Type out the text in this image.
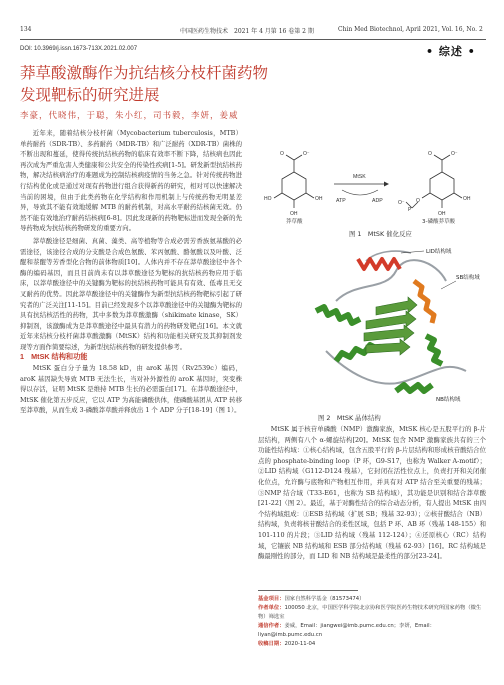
134	中国医药生物技术　2021 年 4 月第 16 卷第 2 期	Chin Med Biotechnol, April 2021, Vol. 16, No. 2
DOI: 10.3969/j.issn.1673-713X.2021.02.007	• 综述 •
莽草酸激酶作为抗结核分枝杆菌药物
发现靶标的研究进展
李豪，代晓伟，于聪，朱小红，司书毅，李妍，姜威

近年来，随着结核分枝杆菌（Mycobacterium tuberculosis，MTB）单药耐药（SDR-TB）、多药耐药（MDR-TB）和广泛耐药（XDR-TB）菌株的不断出现和蔓延，使得传统抗结核药物的临床有效率不断下降，结核病也因此再次成为严重危害人类健康和公共安全的传染性疾病[1-5]。研发新型抗结核药物，解决结核病治疗的难题成为控制结核病疫情的当务之急。针对传统药物进行结构优化或是通过对现有药物进行组合获得新药的研究，相对可以快速解决当前的困境，但由于此类药物在化学结构和作用机制上与传统药物无明显差异，导致其不能有效地缓解 MTB 的耐药机制，对高水平耐药结核菌无效。仍然不能有效地治疗耐药结核病[6-8]。因此发现新的药物靶标进而发现全新的先导药物成为抗结核药物研发的重要方向。

莽草酸途径是细菌、真菌、藻类、高等植物等合成必需芳香族氨基酸的必需途径，该途径合成的分支酸是合成色氨酸、苯丙氨酸、酪氨酸以及叶酸、泛醌和萘醌等芳香型化合物的前体物质[10]。人体内并不存在莽草酸途径中各个酶的编码基因，而且目前尚未有以莽草酸途径为靶标的抗结核药物应用于临床，以莽草酸途径中的关键酶为靶标的抗结核药物可能具有有效、低毒且无交叉耐药的优势。因此莽草酸途径中的关键酶作为新型抗结核药物靶标引起了研究者的广泛关注[11-15]。目前已经发现多个以莽草酸途径中的关键酶为靶标的具有抗结核活性的药物，其中多数为莽草酸激酶（shikimate kinase，SK）抑制剂，该激酶成为是莽草酸途径中最具有潜力的药物研发靶点[16]。本文就近年来结核分枝杆菌莽草酸激酶（MtSK）结构和功能相关研究及其抑制剂发现等方面作简要综述，为新型抗结核药物的研发提供参考。

1　MtSK 结构和功能

MtSK 蛋白分子量为 18.58 kD，由 aroK 基因（Rv2539c）编码，aroK 基因缺失导致 MTB 无法生长，当对补外源性的 aroK 基因时，突变株得以存活，证明 MtSK 是维持 MTB 生长的必需蛋白[17]。在莽草酸途径中，MtSK 催化第五步反应，它以 ATP 为高能磷酸供体，使磷酸基团从 ATP 转移至莽草酸，从而生成 3-磷酸莽草酸并释放出 1 个 ADP 分子[18-19]（图 1）。

O⁻
O
OH
OH
HO
莽草酸
MtSK
ATP	ADP
O⁻
O
OH
OH
O
P
O⁻
3-磷酸莽草酸
图 1　MtSK 催化反应
LID结构域
SB结构域
NB结构域
图 2　MtSK 晶体结构

MtSK 属于核苷单磷酸（NMP）激酶家族，MtSK 核心是五股平行的 β-片层结构，两侧有八个 α-螺旋结构[20]。MtSK 包含 NMP 激酶家族共有的三个功能性结构域：①核心结构域，包含五股平行的 β-片层结构和形成核苷酸结合位点的 phosphate-binding loop（P 环，G9-S17，也称为 Walker A-motif）；②LID 结构域（G112-D124 残基），它封闭在活性位点上，负责打开和关闭催化位点，允许酶与底物和产物相互作用，并具有对 ATP 结合至关重要的残基；③NMP 结合域（T33-E61，也称为 SB 结构域），其功能是识别和结合莽草酸[21-22]（图 2）。最近，基于对酶性结合的综合动态分析，有人提出 MtSK 由四个结构域组成：①ESB 结构域（扩展 SB；残基 32-93）；②核苷酸结合（NB）结构域，负责将核苷酸结合的柔性区域，包括 P 环、AB 环（残基 148-155）和 101-110 的片段；③LID 结构域（残基 112-124）；④还原核心（RC）结构域，它镶嵌 NB 结构域和 ESB 部分结构域（残基 62-93）[16]。RC 结构域是酶最刚性的部分，而 LID 和 NB 结构域是最柔性的部分[23-24]。

基金项目：国家自然科学基金（81573474）
作者单位：100050 北京，中国医学科学院北京协和医学院医药生物技术研究所国家药物（微生物）筛选室
通信作者：姜威，Email：jiangwei@imb.pumc.edu.cn；李妍，Email：liyan@imb.pumc.edu.cn
收稿日期：2020-11-04
